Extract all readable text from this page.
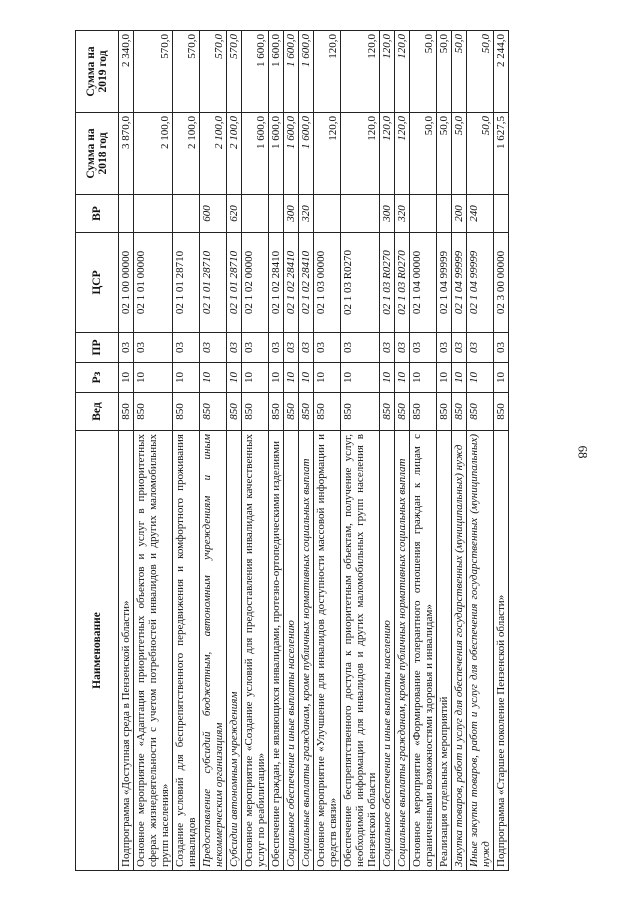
68
Наименование	Вед	Рз	ПР	ЦСР	ВР	Сумма на 2018 год	Сумма на 2019 год
Подпрограмма «Доступная среда в Пензенской области»	850	10	03	02 1 00 00000		3 870,0	2 340,0
Основное мероприятие «Адаптация приоритетных объектов и услуг в приоритетных сферах жизнедеятельности с учетом потребностей инвалидов и других маломобильных групп населения»	850	10	03	02 1 01 00000		2 100,0	570,0
Создание условий для беспрепятственного передвижения и комфортного проживания инвалидов	850	10	03	02 1 01 28710		2 100,0	570,0
Предоставление субсидий бюджетным, автономным учреждениям и иным некоммерческим организациям	850	10	03	02 1 01 28710	600	2 100,0	570,0
Субсидии автономным учреждениям	850	10	03	02 1 01 28710	620	2 100,0	570,0
Основное мероприятие «Создание условий для предоставления инвалидам качественных услуг по реабилитации»	850	10	03	02 1 02 00000		1 600,0	1 600,0
Обеспечение граждан, не являющихся инвалидами, протезно-ортопедическими изделиями	850	10	03	02 1 02 28410		1 600,0	1 600,0
Социальное обеспечение и иные выплаты населению	850	10	03	02 1 02 28410	300	1 600,0	1 600,0
Социальные выплаты гражданам, кроме публичных нормативных социальных выплат	850	10	03	02 1 02 28410	320	1 600,0	1 600,0
Основное мероприятие «Улучшение для инвалидов доступности массовой информации и средств связи»	850	10	03	02 1 03 00000		120,0	120,0
Обеспечение беспрепятственного доступа к приоритетным объектам, получение услуг, необходимой информации для инвалидов и других маломобильных групп населения в Пензенской области	850	10	03	02 1 03 R0270		120,0	120,0
Социальное обеспечение и иные выплаты населению	850	10	03	02 1 03 R0270	300	120,0	120,0
Социальные выплаты гражданам, кроме публичных нормативных социальных выплат	850	10	03	02 1 03 R0270	320	120,0	120,0
Основное мероприятие «Формирование толерантного отношения граждан к лицам с ограниченными возможностями здоровья и инвалидам»	850	10	03	02 1 04 00000		50,0	50,0
Реализация отдельных мероприятий	850	10	03	02 1 04 99999		50,0	50,0
Закупка товаров, работ и услуг для обеспечения государственных (муниципальных) нужд	850	10	03	02 1 04 99999	200	50,0	50,0
Иные закупки товаров, работ и услуг для обеспечения государственных (муниципальных) нужд	850	10	03	02 1 04 99999	240	50,0	50,0
Подпрограмма «Старшее поколение Пензенской области»	850	10	03	02 3 00 00000		1 627,5	2 244,0
